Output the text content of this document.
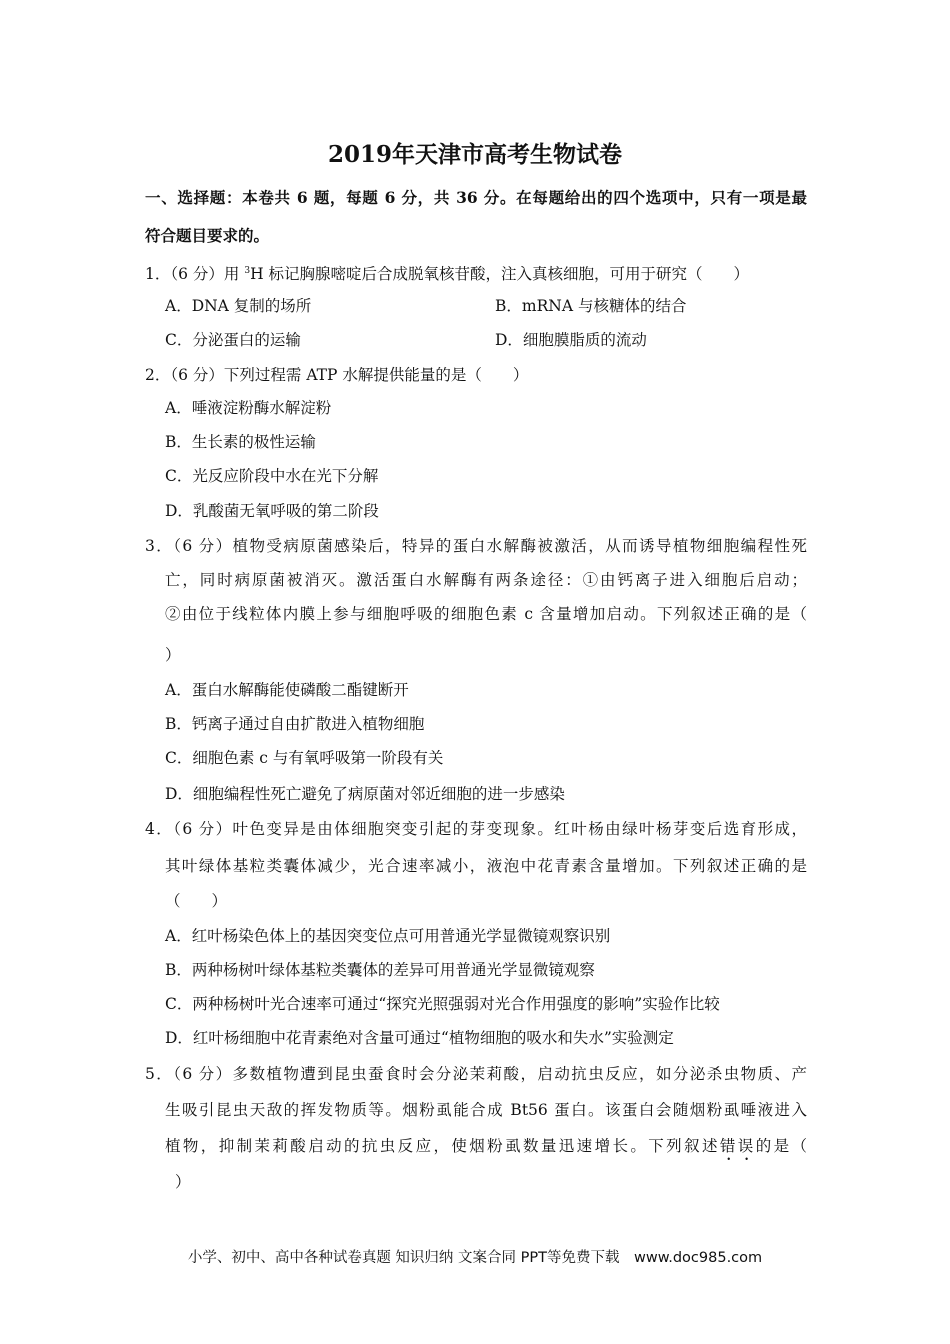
2019年天津市高考生物试卷
一、选择题：本卷共 6 题，每题 6 分，共 36 分。在每题给出的四个选项中，只有一项是最
符合题目要求的。
1．（6 分）用 $^3$H 标记胸腺嘧啶后合成脱氧核苷酸，注入真核细胞，可用于研究（　　）
A．DNA 复制的场所	B．mRNA 与核糖体的结合
C．分泌蛋白的运输	D．细胞膜脂质的流动
2．（6 分）下列过程需 ATP 水解提供能量的是（　　）
A．唾液淀粉酶水解淀粉
B．生长素的极性运输
C．光反应阶段中水在光下分解
D．乳酸菌无氧呼吸的第二阶段
3．（6 分）植物受病原菌感染后，特异的蛋白水解酶被激活，从而诱导植物细胞编程性死
亡，同时病原菌被消灭。激活蛋白水解酶有两条途径：①由钙离子进入细胞后启动；
②由位于线粒体内膜上参与细胞呼吸的细胞色素 c 含量增加启动。下列叙述正确的是（
）
A．蛋白水解酶能使磷酸二酯键断开
B．钙离子通过自由扩散进入植物细胞
C．细胞色素 c 与有氧呼吸第一阶段有关
D．细胞编程性死亡避免了病原菌对邻近细胞的进一步感染
4．（6 分）叶色变异是由体细胞突变引起的芽变现象。红叶杨由绿叶杨芽变后选育形成，
其叶绿体基粒类囊体减少，光合速率减小，液泡中花青素含量增加。下列叙述正确的是
（　　）
A．红叶杨染色体上的基因突变位点可用普通光学显微镜观察识别
B．两种杨树叶绿体基粒类囊体的差异可用普通光学显微镜观察
C．两种杨树叶光合速率可通过“探究光照强弱对光合作用强度的影响”实验作比较
D．红叶杨细胞中花青素绝对含量可通过“植物细胞的吸水和失水”实验测定
5．（6 分）多数植物遭到昆虫蚕食时会分泌茉莉酸，启动抗虫反应，如分泌杀虫物质、产
生吸引昆虫天敌的挥发物质等。烟粉虱能合成 Bt56 蛋白。该蛋白会随烟粉虱唾液进入
植物，抑制茉莉酸启动的抗虫反应，使烟粉虱数量迅速增长。下列叙述错误的是（
）
小学、初中、高中各种试卷真题 知识归纳 文案合同 PPT等免费下载　www.doc985.com
